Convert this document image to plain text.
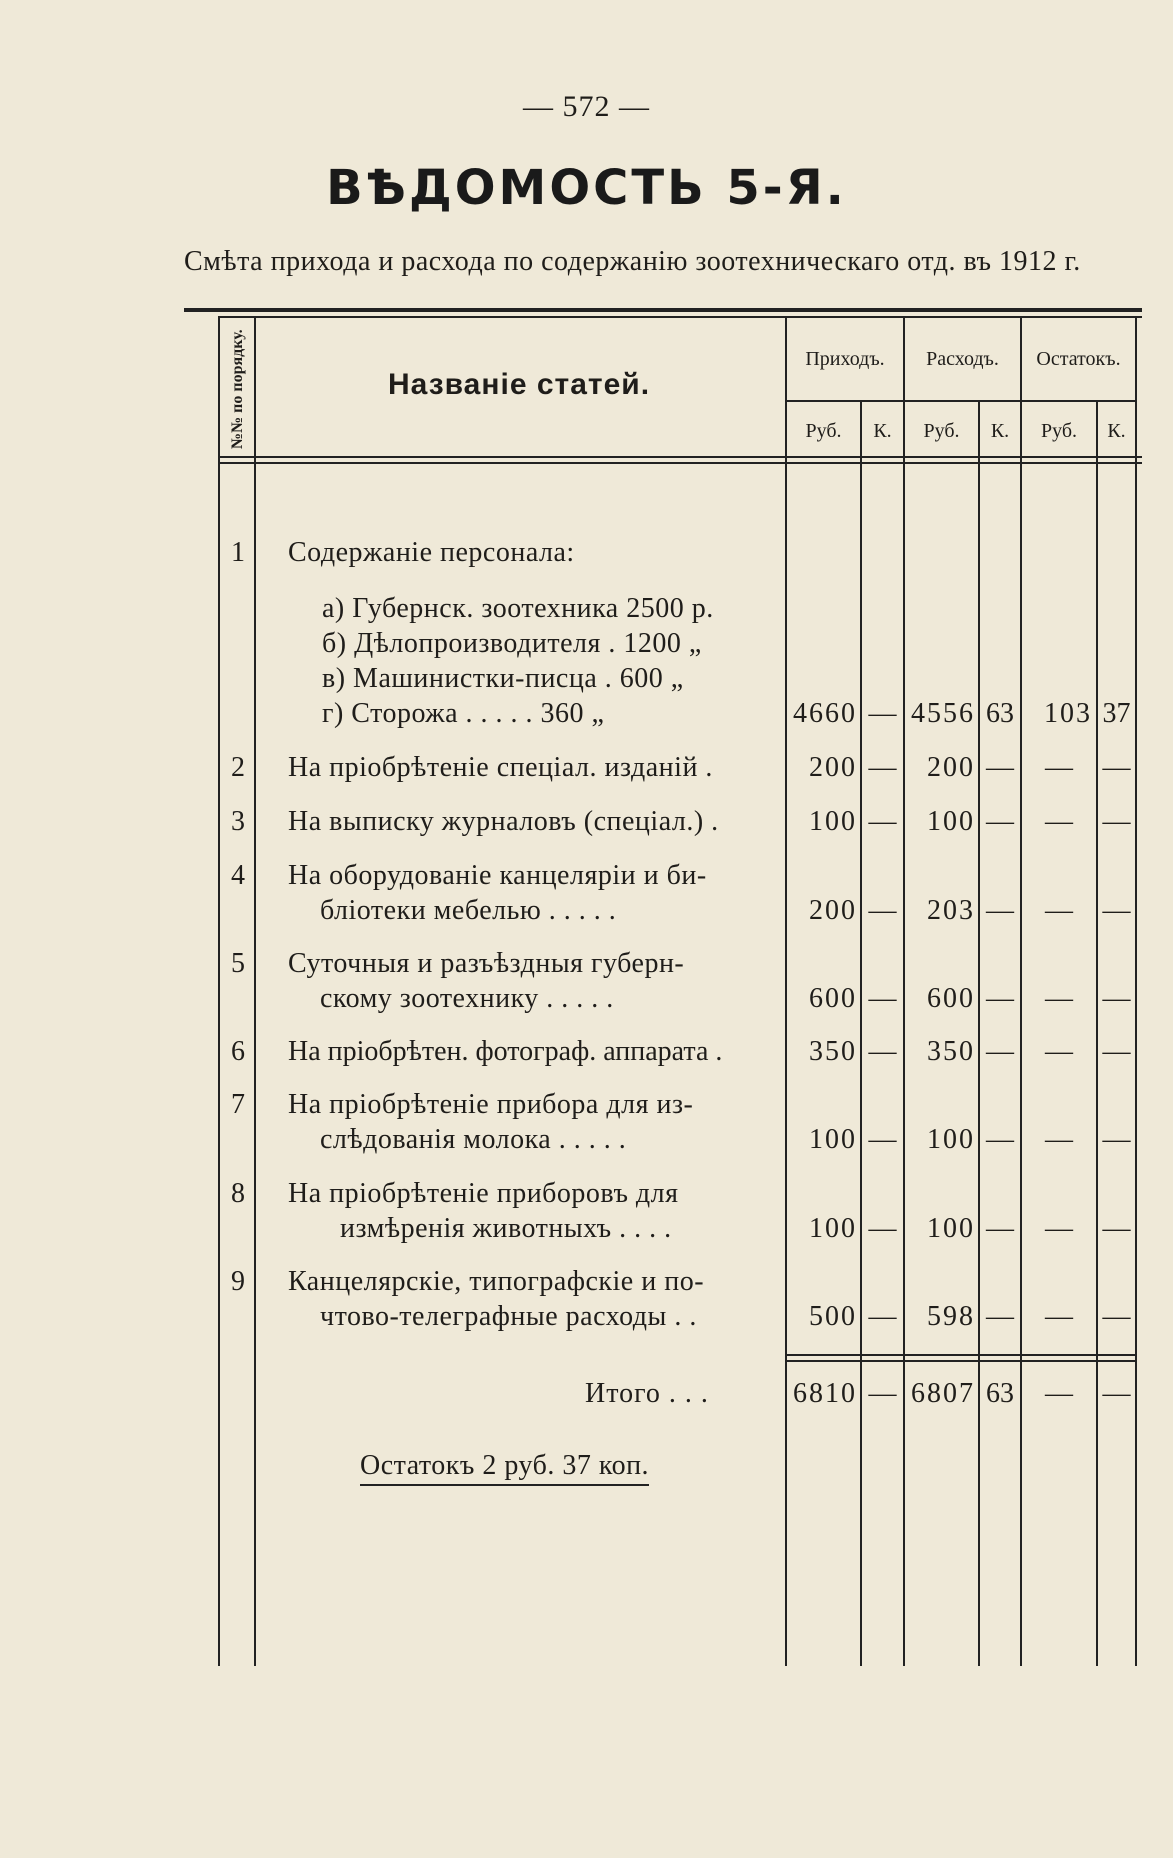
— 572 —
ВѢДОМОСТЬ 5-Я.
Смѣта прихода и расхода по содержанію зоотехническаго отд. въ 1912 г.
№№ по порядку.	Названіе статей.
Приходъ.	Расходъ.	Остатокъ.
Руб.	К.	Руб.	К.	Руб.	К.
1	Содержаніе персонала:
а) Губернск. зоотехника 2500 р.
б) Дѣлопроизводителя . 1200 „
в) Машинистки-писца . 600 „
г) Сторожа . . . . . 360 „	4660 — 4556 63	103 37
2	На пріобрѣтеніе спеціал. изданій .	200 —	200 —	—	—
3	На выписку журналовъ (спеціал.) .	100 —	100 —	—	—
4	На оборудованіе канцеляріи и би-
бліотеки мебелью . . . . .	200 —	203 —	—	—
5	Суточныя и разъѣздныя губерн-
скому зоотехнику . . . . .	600 —	600 —	—	—
6	На пріобрѣтен. фотограф. аппарата .	350 —	350 —	—	—
7	На пріобрѣтеніе прибора для из-
слѣдованія молока . . . . .	100 —	100 —	—	—
8	На пріобрѣтеніе приборовъ для
измѣренія животныхъ . . . .	100 —	100 —	—	—
9	Канцелярскіе, типографскіе и по-
чтово-телеграфные расходы . .	500 —	598 —	—	—
Итого . . .	6810 — 6807 63	—	—
Остатокъ 2 руб. 37 коп.
